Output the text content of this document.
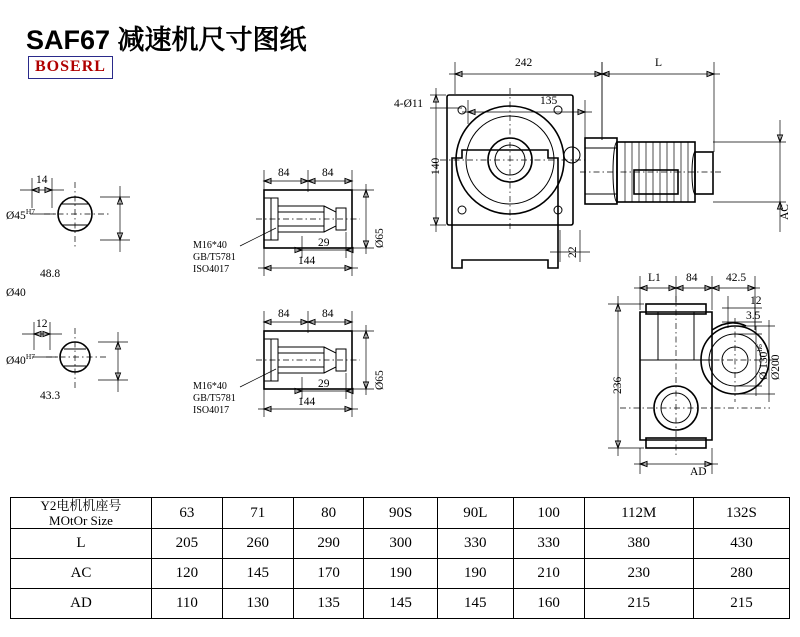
SAF67 减速机尺寸图纸
BOSERL
14
$Ø45^{H7}$
48.8
Ø40
12
$Ø40^{H7}$
43.3
84	84
29
144
Ø65
M16*40
GB/T5781
ISO4017
84	84
29
144
Ø65
M16*40
GB/T5781
ISO4017
242	L
135
4-Ø11
140
22
AC
L1 84 42.5
12
3.5
236
Ø $130^{h6}$
Ø200
AD
Y2电机机座号
MOtOr Size	63	71	80	90S	90L	100	112M	132S
L	205	260	290	300	330	330	380	430
AC	120	145	170	190	190	210	230	280
AD	110	130	135	145	145	160	215	215
